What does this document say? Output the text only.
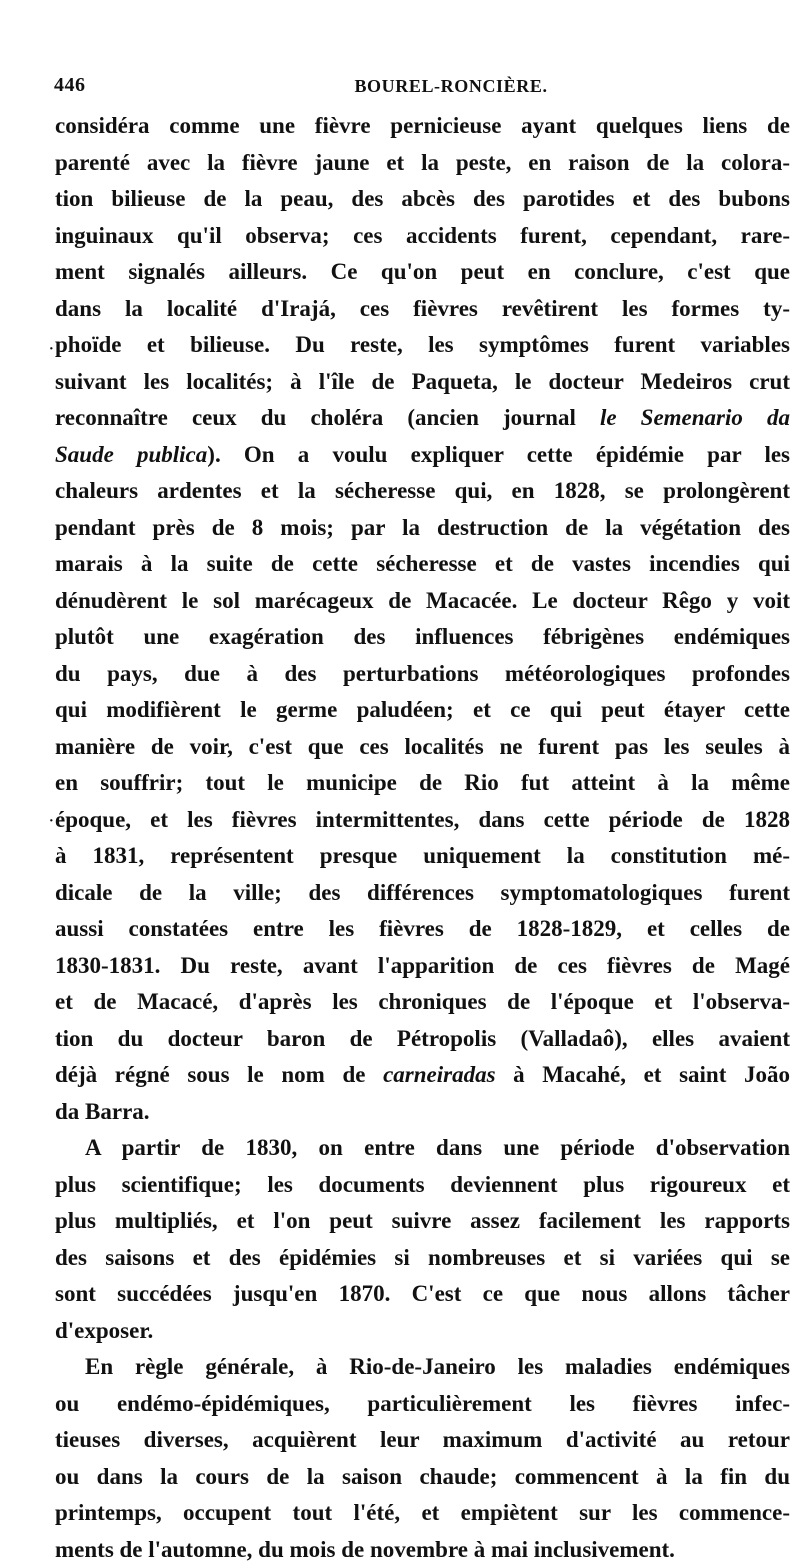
446	BOUREL-RONCIÈRE.
·
·
considéra comme une fièvre pernicieuse ayant quelques liens de
parenté avec la fièvre jaune et la peste, en raison de la colora-
tion bilieuse de la peau, des abcès des parotides et des bubons
inguinaux qu'il observa; ces accidents furent, cependant, rare-
ment signalés ailleurs. Ce qu'on peut en conclure, c'est que
dans la localité d'Irajá, ces fièvres revêtirent les formes ty-
phoïde et bilieuse. Du reste, les symptômes furent variables
suivant les localités; à l'île de Paqueta, le docteur Medeiros crut
reconnaître ceux du choléra (ancien journal le Semenario da
Saude publica). On a voulu expliquer cette épidémie par les
chaleurs ardentes et la sécheresse qui, en 1828, se prolongèrent
pendant près de 8 mois; par la destruction de la végétation des
marais à la suite de cette sécheresse et de vastes incendies qui
dénudèrent le sol marécageux de Macacée. Le docteur Rêgo y voit
plutôt une exagération des influences fébrigènes endémiques
du pays, due à des perturbations météorologiques profondes
qui modifièrent le germe paludéen; et ce qui peut étayer cette
manière de voir, c'est que ces localités ne furent pas les seules à
en souffrir; tout le municipe de Rio fut atteint à la même
époque, et les fièvres intermittentes, dans cette période de 1828
à 1831, représentent presque uniquement la constitution mé-
dicale de la ville; des différences symptomatologiques furent
aussi constatées entre les fièvres de 1828-1829, et celles de
1830-1831. Du reste, avant l'apparition de ces fièvres de Magé
et de Macacé, d'après les chroniques de l'époque et l'observa-
tion du docteur baron de Pétropolis (Valladaô), elles avaient
déjà régné sous le nom de carneiradas à Macahé, et saint João
da Barra.
A partir de 1830, on entre dans une période d'observation
plus scientifique; les documents deviennent plus rigoureux et
plus multipliés, et l'on peut suivre assez facilement les rapports
des saisons et des épidémies si nombreuses et si variées qui se
sont succédées jusqu'en 1870. C'est ce que nous allons tâcher
d'exposer.
En règle générale, à Rio-de-Janeiro les maladies endémiques
ou endémo-épidémiques, particulièrement les fièvres infec-
tieuses diverses, acquièrent leur maximum d'activité au retour
ou dans la cours de la saison chaude; commencent à la fin du
printemps, occupent tout l'été, et empiètent sur les commence-
ments de l'automne, du mois de novembre à mai inclusivement.
